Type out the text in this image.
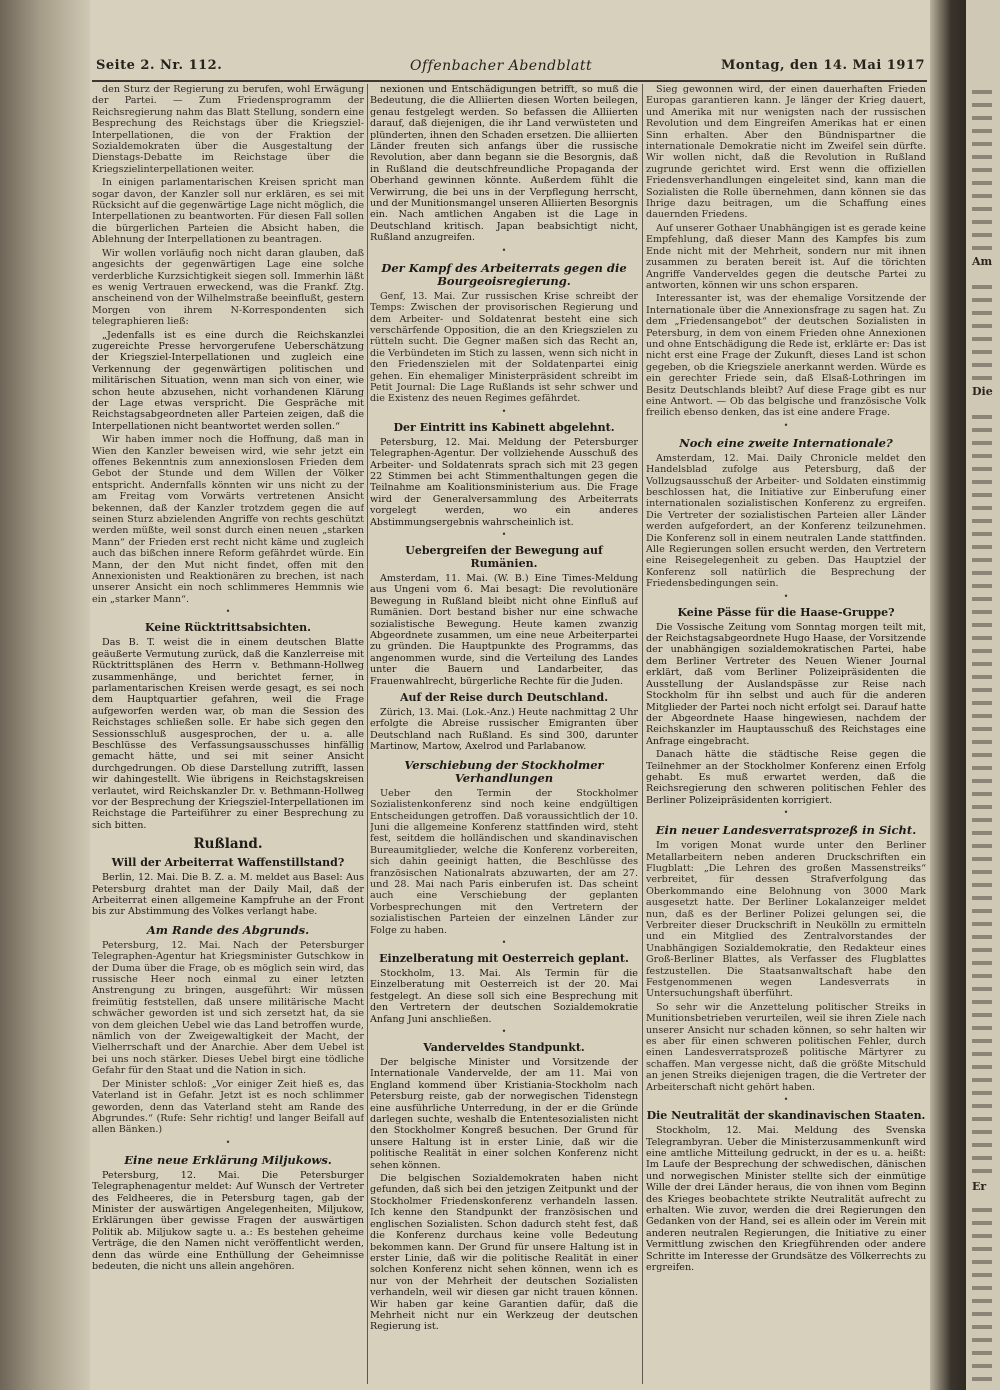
Seite 2. Nr. 112.	Offenbacher Abendblatt	Montag, den 14. Mai 1917

den Sturz der Regierung zu berufen, wohl Erwägung der Partei. — Zum Friedensprogramm der Reichsregierung nahm das Blatt Stellung, sondern eine Besprechung des Reichstags über die Kriegsziel-Interpellationen, die von der Fraktion der Sozialdemokraten über die Ausgestaltung der Dienstags-Debatte im Reichstage über die Kriegszielinterpellationen weiter.

In einigen parlamentarischen Kreisen spricht man sogar davon, der Kanzler soll nur erklären, es sei mit Rücksicht auf die gegenwärtige Lage nicht möglich, die Interpellationen zu beantworten. Für diesen Fall sollen die bürgerlichen Parteien die Absicht haben, die Ablehnung der Interpellationen zu beantragen.

Wir wollen vorläufig noch nicht daran glauben, daß angesichts der gegenwärtigen Lage eine solche verderbliche Kurzsichtigkeit siegen soll. Immerhin läßt es wenig Vertrauen erweckend, was die Frankf. Ztg. anscheinend von der Wilhelmstraße beeinflußt, gestern Morgen von ihrem N-Korrespondenten sich telegraphieren ließ:

„Jedenfalls ist es eine durch die Reichskanzlei zugereichte Presse hervorgerufene Ueberschätzung der Kriegsziel-Interpellationen und zugleich eine Verkennung der gegenwärtigen politischen und militärischen Situation, wenn man sich von einer, wie schon heute abzusehen, nicht vorhandenen Klärung der Lage etwas verspricht. Die Gespräche mit Reichstagsabgeordneten aller Parteien zeigen, daß die Interpellationen nicht beantwortet werden sollen.“

Wir haben immer noch die Hoffnung, daß man in Wien den Kanzler beweisen wird, wie sehr jetzt ein offenes Bekenntnis zum annexionslosen Frieden dem Gebot der Stunde und dem Willen der Völker entspricht. Andernfalls könnten wir uns nicht zu der am Freitag vom Vorwärts vertretenen Ansicht bekennen, daß der Kanzler trotzdem gegen die auf seinen Sturz abzielenden Angriffe von rechts geschützt werden müßte, weil sonst durch einen neuen „starken Mann“ der Frieden erst recht nicht käme und zugleich auch das bißchen innere Reform gefährdet würde. Ein Mann, der den Mut nicht findet, offen mit den Annexionisten und Reaktionären zu brechen, ist nach unserer Ansicht ein noch schlimmeres Hemmnis wie ein „starker Mann“.

•
Keine Rücktrittsabsichten.

Das B. T. weist die in einem deutschen Blatte geäußerte Vermutung zurück, daß die Kanzlerreise mit Rücktrittsplänen des Herrn v. Bethmann-Hollweg zusammenhänge, und berichtet ferner, in parlamentarischen Kreisen werde gesagt, es sei noch dem Hauptquartier gefahren, weil die Frage aufgeworfen werden war, ob man die Session des Reichstages schließen solle. Er habe sich gegen den Sessionsschluß ausgesprochen, der u. a. alle Beschlüsse des Verfassungsausschusses hinfällig gemacht hätte, und sei mit seiner Ansicht durchgedrungen. Ob diese Darstellung zutrifft, lassen wir dahingestellt. Wie übrigens in Reichstagskreisen verlautet, wird Reichskanzler Dr. v. Bethmann-Hollweg vor der Besprechung der Kriegsziel-Interpellationen im Reichstage die Parteiführer zu einer Besprechung zu sich bitten.

Rußland.
Will der Arbeiterrat Waffenstillstand?

Berlin, 12. Mai. Die B. Z. a. M. meldet aus Basel: Aus Petersburg drahtet man der Daily Mail, daß der Arbeiterrat einen allgemeine Kampfruhe an der Front bis zur Abstimmung des Volkes verlangt habe.

Am Rande des Abgrunds.

Petersburg, 12. Mai. Nach der Petersburger Telegraphen-Agentur hat Kriegsminister Gutschkow in der Duma über die Frage, ob es möglich sein wird, das russische Heer noch einmal zu einer letzten Anstrengung zu bringen, ausgeführt: Wir müssen freimütig feststellen, daß unsere militärische Macht schwächer geworden ist und sich zersetzt hat, da sie von dem gleichen Uebel wie das Land betroffen wurde, nämlich von der Zweigewaltigkeit der Macht, der Vielherrschaft und der Anarchie. Aber dem Uebel ist bei uns noch stärker. Dieses Uebel birgt eine tödliche Gefahr für den Staat und die Nation in sich.

Der Minister schloß: „Vor einiger Zeit hieß es, das Vaterland ist in Gefahr. Jetzt ist es noch schlimmer geworden, denn das Vaterland steht am Rande des Abgrundes.“ (Rufe: Sehr richtig! und langer Beifall auf allen Bänken.)

•
Eine neue Erklärung Miljukows.

Petersburg, 12. Mai. Die Petersburger Telegraphenagentur meldet: Auf Wunsch der Vertreter des Feldheeres, die in Petersburg tagen, gab der Minister der auswärtigen Angelegenheiten, Miljukow, Erklärungen über gewisse Fragen der auswärtigen Politik ab. Miljukow sagte u. a.: Es bestehen geheime Verträge, die den Namen nicht veröffentlicht werden, denn das würde eine Enthüllung der Geheimnisse bedeuten, die nicht uns allein angehören.

nexionen und Entschädigungen betrifft, so muß die Bedeutung, die die Alliierten diesen Worten beilegen, genau festgelegt werden. So befassen die Alliierten darauf, daß diejenigen, die ihr Land verwüsteten und plünderten, ihnen den Schaden ersetzen. Die alliierten Länder freuten sich anfangs über die russische Revolution, aber dann begann sie die Besorgnis, daß in Rußland die deutschfreundliche Propaganda der Oberhand gewinnen könnte. Außerdem fühlt die Verwirrung, die bei uns in der Verpflegung herrscht, und der Munitionsmangel unseren Alliierten Besorgnis ein. Nach amtlichen Angaben ist die Lage in Deutschland kritisch. Japan beabsichtigt nicht, Rußland anzugreifen.

•
Der Kampf des Arbeiterrats gegen die Bourgeoisregierung.

Genf, 13. Mai. Zur russischen Krise schreibt der Temps: Zwischen der provisorischen Regierung und dem Arbeiter- und Soldatenrat besteht eine sich verschärfende Opposition, die an den Kriegszielen zu rütteln sucht. Die Gegner maßen sich das Recht an, die Verbündeten im Stich zu lassen, wenn sich nicht in den Friedenszielen mit der Soldatenpartei einig gehen. Ein ehemaliger Ministerpräsident schreibt im Petit Journal: Die Lage Rußlands ist sehr schwer und die Existenz des neuen Regimes gefährdet.

•
Der Eintritt ins Kabinett abgelehnt.

Petersburg, 12. Mai. Meldung der Petersburger Telegraphen-Agentur. Der vollziehende Ausschuß des Arbeiter- und Soldatenrats sprach sich mit 23 gegen 22 Stimmen bei acht Stimmenthaltungen gegen die Teilnahme am Koalitionsministerium aus. Die Frage wird der Generalversammlung des Arbeiterrats vorgelegt werden, wo ein anderes Abstimmungsergebnis wahrscheinlich ist.

•
Uebergreifen der Bewegung auf Rumänien.

Amsterdam, 11. Mai. (W. B.) Eine Times-Meldung aus Ungeni vom 6. Mai besagt: Die revolutionäre Bewegung in Rußland bleibt nicht ohne Einfluß auf Rumänien. Dort bestand bisher nur eine schwache sozialistische Bewegung. Heute kamen zwanzig Abgeordnete zusammen, um eine neue Arbeiterpartei zu gründen. Die Hauptpunkte des Programms, das angenommen wurde, sind die Verteilung des Landes unter die Bauern und Landarbeiter, das Frauenwahlrecht, bürgerliche Rechte für die Juden.

Auf der Reise durch Deutschland.

Zürich, 13. Mai. (Lok.-Anz.) Heute nachmittag 2 Uhr erfolgte die Abreise russischer Emigranten über Deutschland nach Rußland. Es sind 300, darunter Martinow, Martow, Axelrod und Parlabanow.

Verschiebung der Stockholmer Verhandlungen

Ueber den Termin der Stockholmer Sozialistenkonferenz sind noch keine endgültigen Entscheidungen getroffen. Daß voraussichtlich der 10. Juni die allgemeine Konferenz stattfinden wird, steht fest, seitdem die holländischen und skandinavischen Bureaumitglieder, welche die Konferenz vorbereiten, sich dahin geeinigt hatten, die Beschlüsse des französischen Nationalrats abzuwarten, der am 27. und 28. Mai nach Paris einberufen ist. Das scheint auch eine Verschiebung der geplanten Vorbesprechungen mit den Vertretern der sozialistischen Parteien der einzelnen Länder zur Folge zu haben.

•
Einzelberatung mit Oesterreich geplant.

Stockholm, 13. Mai. Als Termin für die Einzelberatung mit Oesterreich ist der 20. Mai festgelegt. An diese soll sich eine Besprechung mit den Vertretern der deutschen Sozialdemokratie Anfang Juni anschließen.

•
Vanderveldes Standpunkt.

Der belgische Minister und Vorsitzende der Internationale Vandervelde, der am 11. Mai von England kommend über Kristiania-Stockholm nach Petersburg reiste, gab der norwegischen Tidenstegn eine ausführliche Unterredung, in der er die Gründe darlegen suchte, weshalb die Ententesozialisten nicht den Stockholmer Kongreß besuchen. Der Grund für unsere Haltung ist in erster Linie, daß wir die politische Realität in einer solchen Konferenz nicht sehen können.

Die belgischen Sozialdemokraten haben nicht gefunden, daß sich bei den jetzigen Zeitpunkt und der Stockholmer Friedenskonferenz verhandeln lassen. Ich kenne den Standpunkt der französischen und englischen Sozialisten. Schon dadurch steht fest, daß die Konferenz durchaus keine volle Bedeutung bekommen kann. Der Grund für unsere Haltung ist in erster Linie, daß wir die politische Realität in einer solchen Konferenz nicht sehen können, wenn ich es nur von der Mehrheit der deutschen Sozialisten verhandeln, weil wir diesen gar nicht trauen können. Wir haben gar keine Garantien dafür, daß die Mehrheit nicht nur ein Werkzeug der deutschen Regierung ist.

Sieg gewonnen wird, der einen dauerhaften Frieden Europas garantieren kann. Je länger der Krieg dauert, und Amerika mit nur wenigsten nach der russischen Revolution und dem Eingreifen Amerikas hat er einen Sinn erhalten. Aber den Bündnispartner die internationale Demokratie nicht im Zweifel sein dürfte. Wir wollen nicht, daß die Revolution in Rußland zugrunde gerichtet wird. Erst wenn die offiziellen Friedensverhandlungen eingeleitet sind, kann man die Sozialisten die Rolle übernehmen, dann können sie das Ihrige dazu beitragen, um die Schaffung eines dauernden Friedens.

Auf unserer Gothaer Unabhängigen ist es gerade keine Empfehlung, daß dieser Mann des Kampfes bis zum Ende nicht mit der Mehrheit, sondern nur mit ihnen zusammen zu beraten bereit ist. Auf die törichten Angriffe Vanderveldes gegen die deutsche Partei zu antworten, können wir uns schon ersparen.

Interessanter ist, was der ehemalige Vorsitzende der Internationale über die Annexionsfrage zu sagen hat. Zu dem „Friedensangebot“ der deutschen Sozialisten in Petersburg, in dem von einem Frieden ohne Annexionen und ohne Entschädigung die Rede ist, erklärte er: Das ist nicht erst eine Frage der Zukunft, dieses Land ist schon gegeben, ob die Kriegsziele anerkannt werden. Würde es ein gerechter Friede sein, daß Elsaß-Lothringen im Besitz Deutschlands bleibt? Auf diese Frage gibt es nur eine Antwort. — Ob das belgische und französische Volk freilich ebenso denken, das ist eine andere Frage.

•
Noch eine zweite Internationale?

Amsterdam, 12. Mai. Daily Chronicle meldet den Handelsblad zufolge aus Petersburg, daß der Vollzugsausschuß der Arbeiter- und Soldaten einstimmig beschlossen hat, die Initiative zur Einberufung einer internationalen sozialistischen Konferenz zu ergreifen. Die Vertreter der sozialistischen Parteien aller Länder werden aufgefordert, an der Konferenz teilzunehmen. Die Konferenz soll in einem neutralen Lande stattfinden. Alle Regierungen sollen ersucht werden, den Vertretern eine Reisegelegenheit zu geben. Das Hauptziel der Konferenz soll natürlich die Besprechung der Friedensbedingungen sein.

•
Keine Pässe für die Haase-Gruppe?

Die Vossische Zeitung vom Sonntag morgen teilt mit, der Reichstagsabgeordnete Hugo Haase, der Vorsitzende der unabhängigen sozialdemokratischen Partei, habe dem Berliner Vertreter des Neuen Wiener Journal erklärt, daß vom Berliner Polizeipräsidenten die Ausstellung der Auslandspässe zur Reise nach Stockholm für ihn selbst und auch für die anderen Mitglieder der Partei noch nicht erfolgt sei. Darauf hatte der Abgeordnete Haase hingewiesen, nachdem der Reichskanzler im Hauptausschuß des Reichstages eine Anfrage eingebracht.

Danach hätte die städtische Reise gegen die Teilnehmer an der Stockholmer Konferenz einen Erfolg gehabt. Es muß erwartet werden, daß die Reichsregierung den schweren politischen Fehler des Berliner Polizeipräsidenten korrigiert.

•
Ein neuer Landesverratsprozeß in Sicht.

Im vorigen Monat wurde unter den Berliner Metallarbeitern neben anderen Druckschriften ein Flugblatt: „Die Lehren des großen Massenstreiks“ verbreitet, für dessen Strafverfolgung das Oberkommando eine Belohnung von 3000 Mark ausgesetzt hatte. Der Berliner Lokalanzeiger meldet nun, daß es der Berliner Polizei gelungen sei, die Verbreiter dieser Druckschrift in Neukölln zu ermitteln und ein Mitglied des Zentralvorstandes der Unabhängigen Sozialdemokratie, den Redakteur eines Groß-Berliner Blattes, als Verfasser des Flugblattes festzustellen. Die Staatsanwaltschaft habe den Festgenommenen wegen Landesverrats in Untersuchungshaft überführt.

So sehr wir die Anzettelung politischer Streiks in Munitionsbetrieben verurteilen, weil sie ihren Ziele nach unserer Ansicht nur schaden können, so sehr halten wir es aber für einen schweren politischen Fehler, durch einen Landesverratsprozeß politische Märtyrer zu schaffen. Man vergesse nicht, daß die größte Mitschuld an jenen Streiks diejenigen tragen, die die Vertreter der Arbeiterschaft nicht gehört haben.

•
Die Neutralität der skandinavischen Staaten.

Stockholm, 12. Mai. Meldung des Svenska Telegrambyran. Ueber die Ministerzusammenkunft wird eine amtliche Mitteilung gedruckt, in der es u. a. heißt: Im Laufe der Besprechung der schwedischen, dänischen und norwegischen Minister stellte sich der einmütige Wille der drei Länder heraus, die von ihnen vom Beginn des Krieges beobachtete strikte Neutralität aufrecht zu erhalten. Wie zuvor, werden die drei Regierungen den Gedanken von der Hand, sei es allein oder im Verein mit anderen neutralen Regierungen, die Initiative zu einer Vermittlung zwischen den Kriegführenden oder andere Schritte im Interesse der Grundsätze des Völkerrechts zu ergreifen.

Am
Die
Er
